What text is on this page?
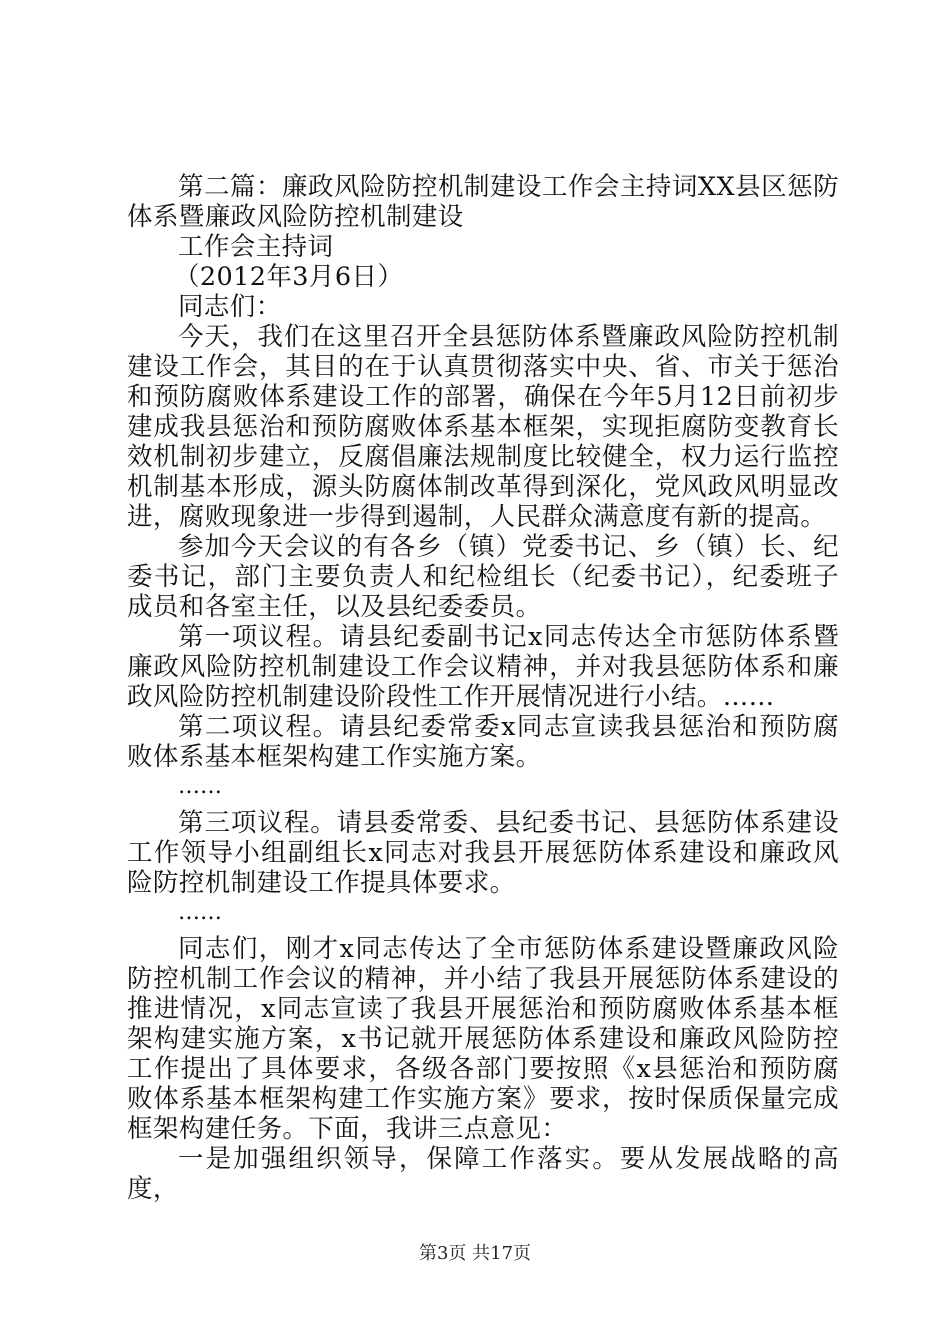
第二篇：廉政风险防控机制建设工作会主持词XX县区惩防体系暨廉政风险防控机制建设

工作会主持词

（2012年3月6日）

同志们：

今天，我们在这里召开全县惩防体系暨廉政风险防控机制建设工作会，其目的在于认真贯彻落实中央、省、市关于惩治和预防腐败体系建设工作的部署，确保在今年5月12日前初步建成我县惩治和预防腐败体系基本框架，实现拒腐防变教育长效机制初步建立，反腐倡廉法规制度比较健全，权力运行监控机制基本形成，源头防腐体制改革得到深化，党风政风明显改进，腐败现象进一步得到遏制，人民群众满意度有新的提高。

参加今天会议的有各乡（镇）党委书记、乡（镇）长、纪委书记，部门主要负责人和纪检组长（纪委书记），纪委班子成员和各室主任，以及县纪委委员。

第一项议程。请县纪委副书记x同志传达全市惩防体系暨廉政风险防控机制建设工作会议精神，并对我县惩防体系和廉政风险防控机制建设阶段性工作开展情况进行小结。……

第二项议程。请县纪委常委x同志宣读我县惩治和预防腐败体系基本框架构建工作实施方案。

……

第三项议程。请县委常委、县纪委书记、县惩防体系建设工作领导小组副组长x同志对我县开展惩防体系建设和廉政风险防控机制建设工作提具体要求。

……

同志们，刚才x同志传达了全市惩防体系建设暨廉政风险防控机制工作会议的精神，并小结了我县开展惩防体系建设的推进情况，x同志宣读了我县开展惩治和预防腐败体系基本框架构建实施方案，x书记就开展惩防体系建设和廉政风险防控工作提出了具体要求，各级各部门要按照《x县惩治和预防腐败体系基本框架构建工作实施方案》要求，按时保质保量完成框架构建任务。下面，我讲三点意见：

一是加强组织领导，保障工作落实。要从发展战略的高度，

第3页 共17页
